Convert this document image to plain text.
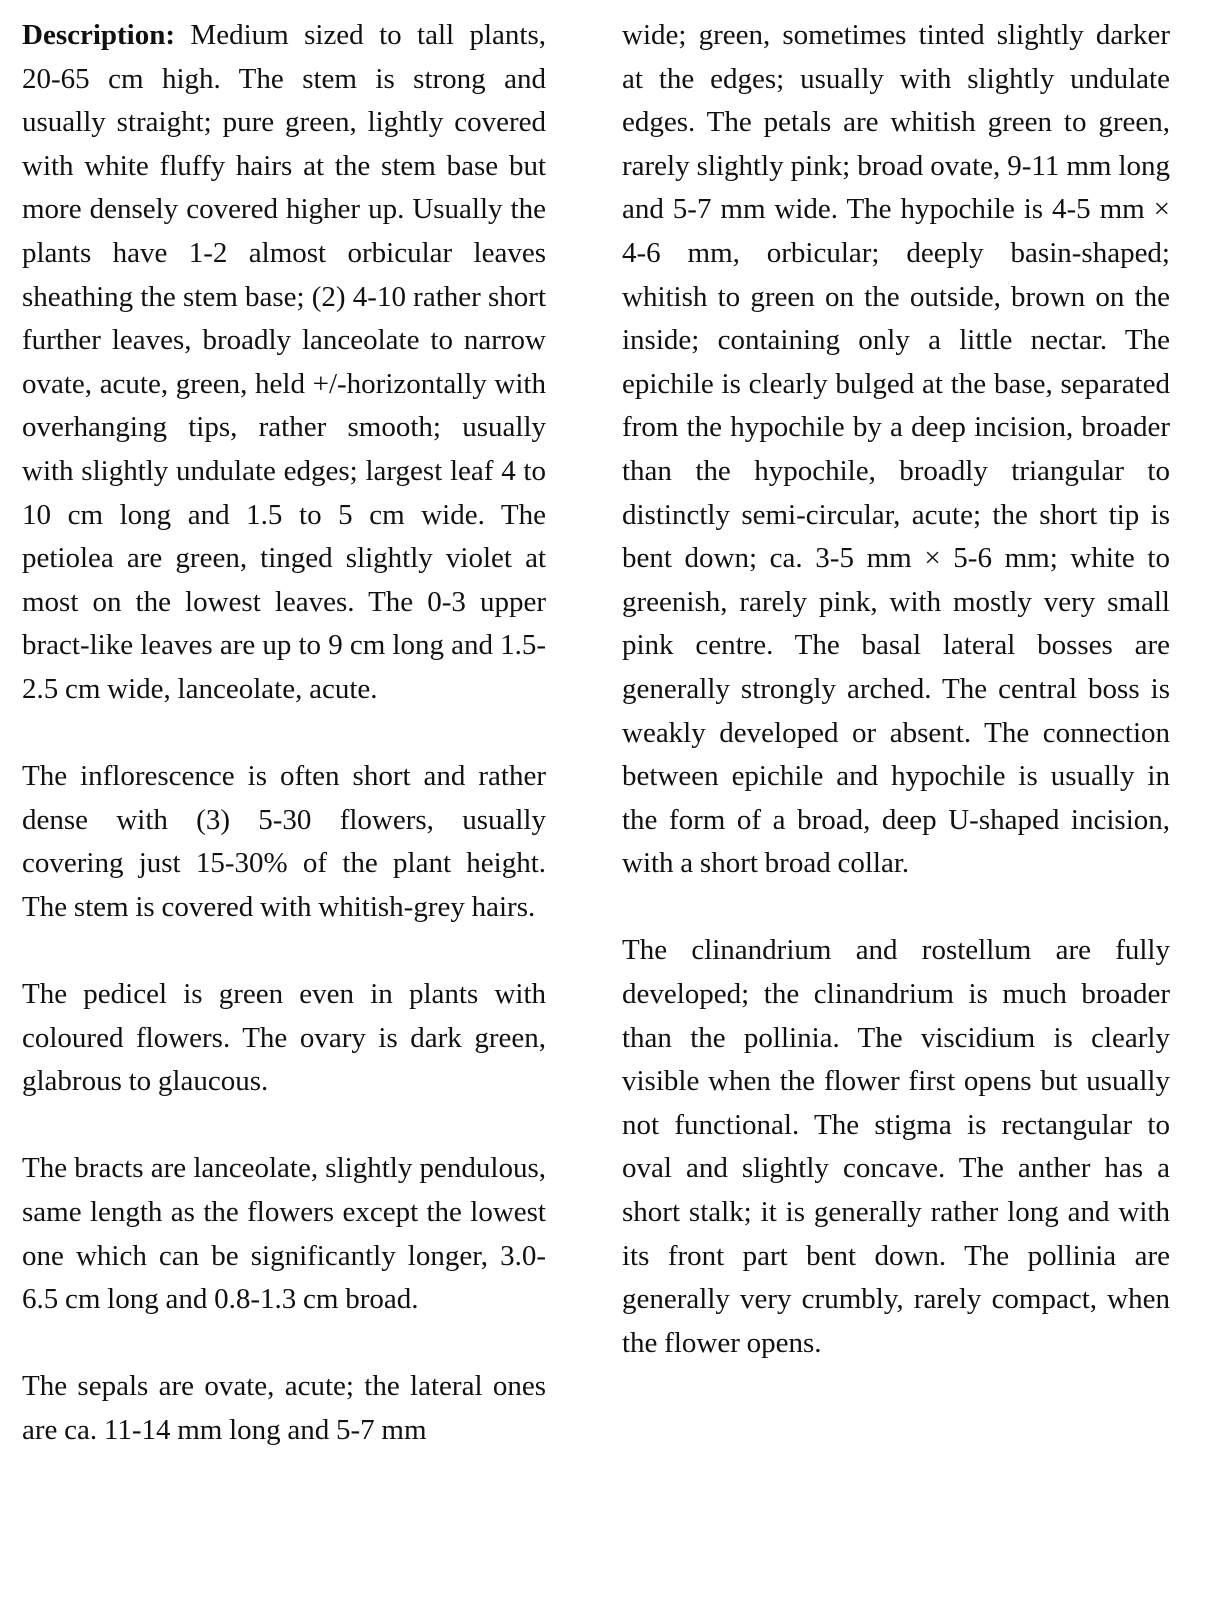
Description: Medium sized to tall plants, 20-65 cm high. The stem is strong and usually straight; pure green, lightly covered with white fluffy hairs at the stem base but more densely covered higher up. Usually the plants have 1-2 almost orbicular leaves sheathing the stem base; (2) 4-10 rather short further leaves, broadly lanceolate to narrow ovate, acute, green, held +/-horizontally with overhanging tips, rather smooth; usually with slightly undulate edges; largest leaf 4 to 10 cm long and 1.5 to 5 cm wide. The petiolea are green, tinged slightly violet at most on the lowest leaves. The 0-3 upper bract-like leaves are up to 9 cm long and 1.5-2.5 cm wide, lanceolate, acute.

The inflorescence is often short and rather dense with (3) 5-30 flowers, usually covering just 15-30% of the plant height. The stem is covered with whitish-grey hairs.

The pedicel is green even in plants with coloured flowers. The ovary is dark green, glabrous to glaucous.

The bracts are lanceolate, slightly pendulous, same length as the flowers except the lowest one which can be significantly longer, 3.0-6.5 cm long and 0.8-1.3 cm broad.

The sepals are ovate, acute; the lateral ones are ca. 11-14 mm long and 5-7 mm

wide; green, sometimes tinted slightly darker at the edges; usually with slightly undulate edges. The petals are whitish green to green, rarely slightly pink; broad ovate, 9-11 mm long and 5-7 mm wide. The hypochile is 4-5 mm × 4-6 mm, orbicular; deeply basin-shaped; whitish to green on the outside, brown on the inside; containing only a little nectar. The epichile is clearly bulged at the base, separated from the hypochile by a deep incision, broader than the hypochile, broadly triangular to distinctly semi-circular, acute; the short tip is bent down; ca. 3-5 mm × 5-6 mm; white to greenish, rarely pink, with mostly very small pink centre. The basal lateral bosses are generally strongly arched. The central boss is weakly developed or absent. The connection between epichile and hypochile is usually in the form of a broad, deep U-shaped incision, with a short broad collar.

The clinandrium and rostellum are fully developed; the clinandrium is much broader than the pollinia. The viscidium is clearly visible when the flower first opens but usually not functional. The stigma is rectangular to oval and slightly concave. The anther has a short stalk; it is generally rather long and with its front part bent down. The pollinia are generally very crumbly, rarely compact, when the flower opens.
